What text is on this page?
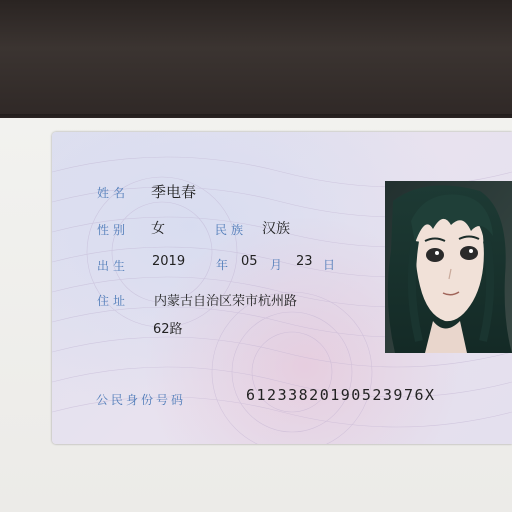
姓名 季电春
性别 女	民族 汉族
出生 2019	年 05 月 23 日
住址 内蒙古自治区荣市杭州路
62路
公民身份号码	61233820190523976X
